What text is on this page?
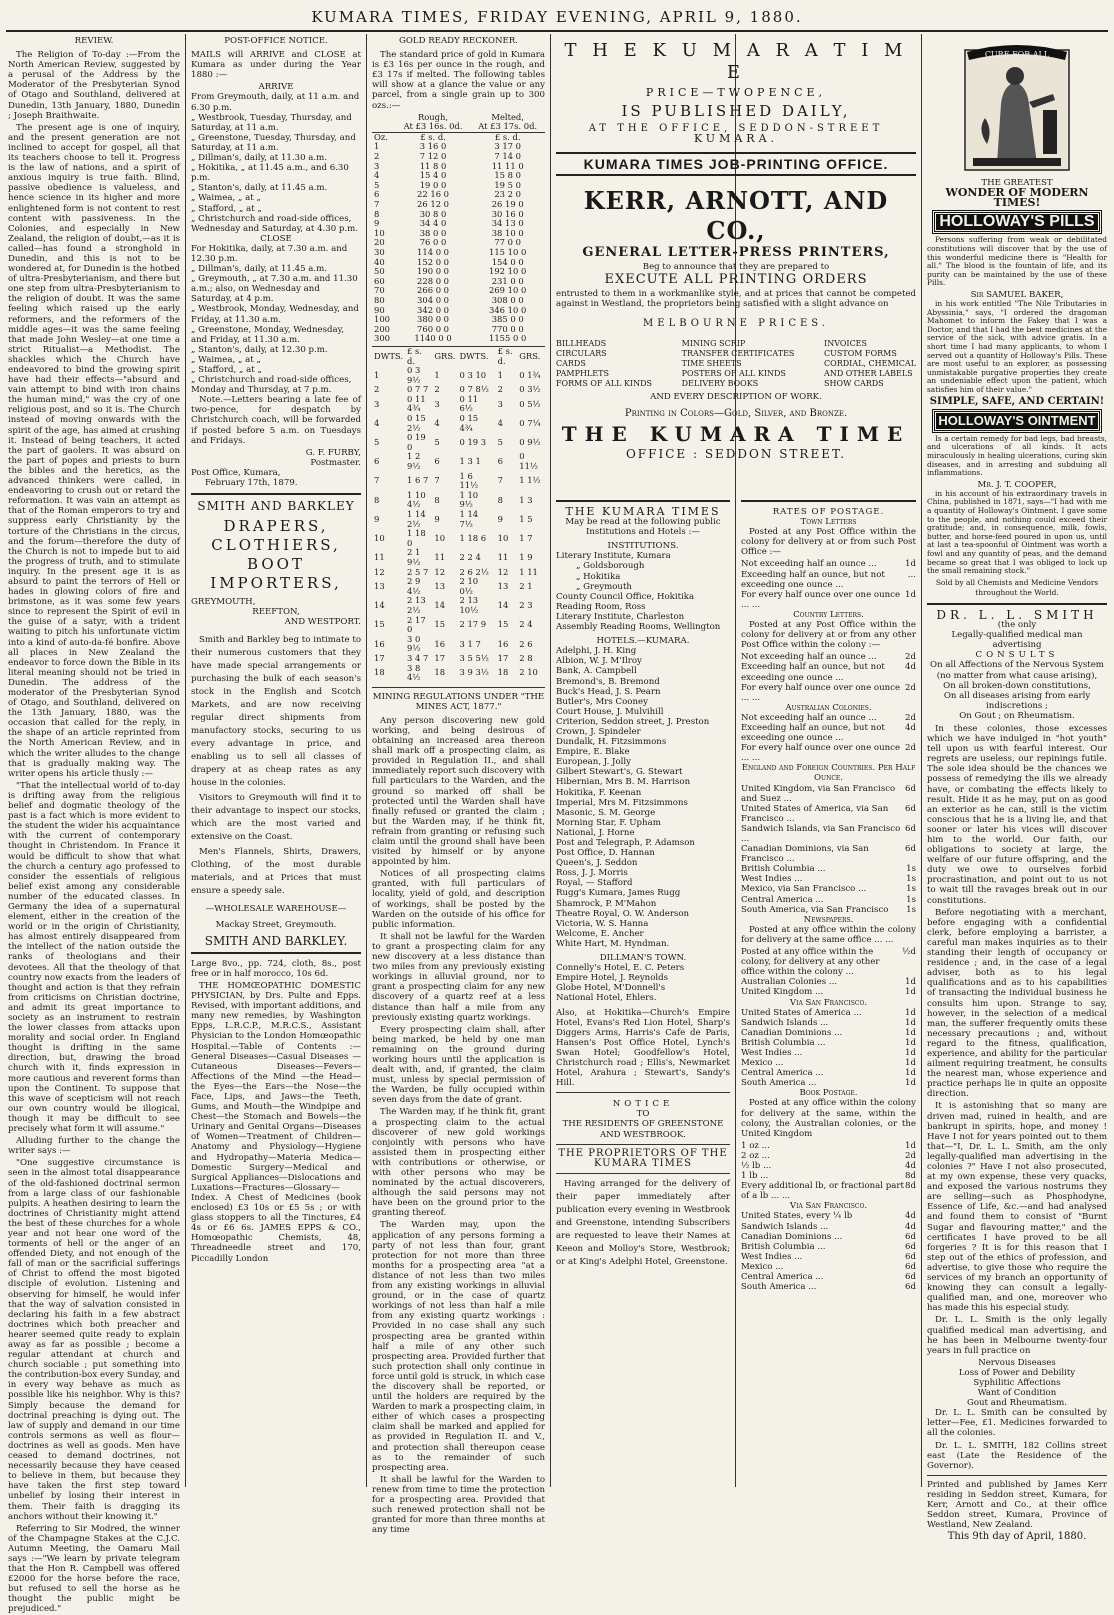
KUMARA TIMES, FRIDAY EVENING, APRIL 9, 1880.
REVIEW.

The Religion of To-day :—From the North American Review, suggested by a perusal of the Address by the Moderator of the Presbyterian Synod of Otago and Southland, delivered at Dunedin, 13th January, 1880, Dunedin ; Joseph Braithwaite.

The present age is one of inquiry, and the present generation are not inclined to accept for gospel, all that its teachers choose to tell it. Progress is the law of nations, and a spirit of anxious inquiry is true faith. Blind, passive obedience is valueless, and hence science in its higher and more enlightened form is not content to rest content with passiveness. In the Colonies, and especially in New Zealand, the religion of doubt,—as it is called—has found a stronghold in Dunedin, and this is not to be wondered at, for Dunedin is the hotbed of ultra-Presbyterianism, and there but one step from ultra-Presbyterianism to the religion of doubt. It was the same feeling which raised up the early reformers, and the reformers of the middle ages—it was the same feeling that made John Wesley—at one time a strict Ritualist—a Methodist. The shackles which the Church have endeavored to bind the growing spirit have had their effects—"absurd and vain attempt to bind with iron chains the human mind," was the cry of one religious post, and so it is. The Church instead of moving onwards with the spirit of the age, has aimed at crushing it. Instead of being teachers, it acted the part of gaolers. It was absurd on the part of popes and priests to burn the bibles and the heretics, as the advanced thinkers were called, in endeavoring to crush out or retard the reformation. It was vain an attempt as that of the Roman emperors to try and suppress early Christianity by the torture of the Christians in the circus, and the forum—therefore the duty of the Church is not to impede but to aid the progress of truth, and to stimulate inquiry. In the present age it is as absurd to paint the terrors of Hell or hades in glowing colors of fire and brimstone, as it was some few years since to represent the Spirit of evil in the guise of a satyr, with a trident waiting to pitch his unfortunate victim into a kind of auto-da-fé bonfire. Above all places in New Zealand the endeavor to force down the Bible in its literal meaning should not be tried in Dunedin. The address of the moderator of the Presbyterian Synod of Otago, and Southland, delivered on the 13th January, 1880, was the occasion that called for the reply, in the shape of an article reprinted from the North American Review, and in which the writer alludes to the change that is gradually making way. The writer opens his article thusly :—

"That the intellectual world of to-day is drifting away from the religious belief and dogmatic theology of the past is a fact which is more evident to the student the wider his acquaintance with the current of contemporary thought in Christendom. In France it would be difficult to show that what the church a century ago professed to consider the essentials of religious belief exist among any considerable number of the educated classes. In Germany the idea of a supernatural element, either in the creation of the world or in the origin of Christianity, has almost entirely disappeared from the intellect of the nation outside the ranks of theologians and their devotees. All that the theology of that country now exacts from the leaders of thought and action is that they refrain from criticisms on Christian doctrine, and admit its great importance to society as an instrument to restrain the lower classes from attacks upon morality and social order. In England thought is drifting in the same direction, but, drawing the broad church with it, finds expression in more cautious and reverent forms than upon the Continent. To suppose that this wave of scepticism will not reach our own country would be illogical, though it may be difficult to see precisely what form it will assume."

Alluding further to the change the writer says :—

"One suggestive circumstance is seen in the almost total disappearance of the old-fashioned doctrinal sermon from a large class of our fashionable pulpits. A heathen desiring to learn the doctrines of Christianity might attend the best of these churches for a whole year and not hear one word of the torments of hell or the anger of an offended Diety, and not enough of the fall of man or the sacrificial sufferings of Christ to offend the most bigoted disciple of evolution. Listening and observing for himself, he would infer that the way of salvation consisted in declaring his faith in a few abstract doctrines which both preacher and hearer seemed quite ready to explain away as far as possible ; become a regular attendant at church and church sociable ; put something into the contribution-box every Sunday, and in every way behave as much as possible like his neighbor. Why is this? Simply because the demand for doctrinal preaching is dying out. The law of supply and demand in our time controls sermons as well as flour—doctrines as well as goods. Men have ceased to demand doctrines, not necessarily because they have ceased to believe in them, but because they have taken the first step toward unbelief by losing their interest in them. Their faith is dragging its anchors without their knowing it."

Referring to Sir Modred, the winner of the Champagne Stakes at the C.J.C. Autumn Meeting, the Oamaru Mail says :—"We learn by private telegram that the Hon R. Campbell was offered £2000 for the horse before the race, but refused to sell the horse as he thought the public might be prejudiced."

POST-OFFICE NOTICE.

MAILS will ARRIVE and CLOSE at Kumara as under during the Year 1880 :—

ARRIVE
From Greymouth, daily, at 11 a.m. and 6.30 p.m.
„ Westbrook, Tuesday, Thursday, and Saturday, at 11 a.m.
„ Greenstone, Tuesday, Thursday, and Saturday, at 11 a.m.
„ Dillman's, daily, at 11.30 a.m.
„ Hokitika, „ at 11.45 a.m., and 6.30 p.m.
„ Stanton's, daily, at 11.45 a.m.
„ Waimea, „ at „
„ Stafford, „ at „
„ Christchurch and road-side offices, Wednesday and Saturday, at 4.30 p.m.
CLOSE
For Hokitika, daily, at 7.30 a.m. and 12.30 p.m.
„ Dillman's, daily, at 11.45 a.m.
„ Greymouth, „ at 7.30 a.m. and 11.30 a.m.; also, on Wednesday and Saturday, at 4 p.m.
„ Westbrook, Monday, Wednesday, and Friday, at 11.30 a.m.
„ Greenstone, Monday, Wednesday, and Friday, at 11.30 a.m.
„ Stanton's, daily, at 12.30 p.m.
„ Waimea, „ at „
„ Stafford, „ at „
„ Christchurch and road-side offices, Monday and Thursday, at 7 p.m.

Note.—Letters bearing a late fee of two-pence, for despatch by Christchurch coach, will be forwarded if posted before 5 a.m. on Tuesdays and Fridays.

G. F. FURBY,
Postmaster.
Post Office, Kumara,
February 17th, 1879.
SMITH AND BARKLEY
DRAPERS,
CLOTHIERS,
BOOT IMPORTERS,
GREYMOUTH,
REEFTON,
AND WESTPORT.

Smith and Barkley beg to intimate to their numerous customers that they have made special arrangements or purchasing the bulk of each season's stock in the English and Scotch Markets, and are now receiving regular direct shipments from manufactory stocks, securing to us every advantage in price, and enabling us to sell all classes of drapery at as cheap rates as any house in the colonies.

Visitors to Greymouth will find it to their advantage to inspect our stocks, which are the most varied and extensive on the Coast.

Men's Flannels, Shirts, Drawers, Clothing, of the most durable materials, and at Prices that must ensure a speedy sale.

—WHOLESALE WAREHOUSE—
Mackay Street, Greymouth.
SMITH AND BARKLEY.

Large 8vo., pp. 724, cloth, 8s., post free or in half morocco, 10s 6d.

THE HOMŒOPATHIC DOMESTIC PHYSICIAN, by Drs. Pulte and Epps. Revised, with important additions, and many new remedies, by Washington Epps, L.R.C.P., M.R.C.S., Assistant Physician to the London Homœopathic Hospital.—Table of Contents :—General Diseases—Casual Diseases — Cutaneous Diseases—Fevers—Affections of the Mind —the Head—the Eyes—the Ears—the Nose—the Face, Lips, and Jaws—the Teeth, Gums, and Mouth—the Windpipe and Chest—the Stomach and Bowels—the Urinary and Genital Organs—Diseases of Women—Treatment of Children—Anatomy and Physiology—Hygiene and Hydropathy—Materia Medica—Domestic Surgery—Medical and Surgical Appliances—Dislocations and Luxations—Fractures—Glossary—Index. A Chest of Medicines (book enclosed) £3 10s or £5 5s ; or with glass stoppers to all the Tinctures, £4 4s or £6 6s. JAMES EPPS & CO., Homœopathic Chemists, 48, Threadneedle street and 170, Piccadilly London

GOLD READY RECKONER.

The standard price of gold in Kumara is £3 16s per ounce in the rough, and £3 17s if melted. The following tables will show at a glance the value or any parcel, from a single grain up to 300 ozs.:—

	Rough,	Melted,
	At £3 16s. 0d.	At £3 17s. 0d.
Oz.	£ s. d.	£ s. d.
1	3 16 0	3 17 0
2	7 12 0	7 14 0
3	11 8 0	11 11 0
4	15 4 0	15 8 0
5	19 0 0	19 5 0
6	22 16 0	23 2 0
7	26 12 0	26 19 0
8	30 8 0	30 16 0
9	34 4 0	34 13 0
10	38 0 0	38 10 0
20	76 0 0	77 0 0
30	114 0 0	115 10 0
40	152 0 0	154 0 0
50	190 0 0	192 10 0
60	228 0 0	231 0 0
70	266 0 0	269 10 0
80	304 0 0	308 0 0
90	342 0 0	346 10 0
100	380 0 0	385 0 0
200	760 0 0	770 0 0
300	1140 0 0	1155 0 0
DWTS.	£ s. d.	GRS.	DWTS.	£ s. d.	GRS.
1	0 3 9½	1	0 3 10	1	0 1¾
2	0 7 7	2	0 7 8½	2	0 3½
3	0 11 4¾	3	0 11 6½	3	0 5½
4	0 15 2½	4	0 15 4¾	4	0 7¼
5	0 19 0	5	0 19 3	5	0 9½
6	1 2 9½	6	1 3 1	6	0 11½
7	1 6 7	7	1 6 11½	7	1 1½
8	1 10 4½	8	1 10 9½	8	1 3
9	1 14 2½	9	1 14 7½	9	1 5
10	1 18 0	10	1 18 6	10	1 7
11	2 1 9½	11	2 2 4	11	1 9
12	2 5 7	12	2 6 2½	12	1 11
13	2 9 4½	13	2 10 0½	13	2 1
14	2 13 2½	14	2 13 10½	14	2 3
15	2 17 0	15	2 17 9	15	2 4
16	3 0 9½	16	3 1 7	16	2 6
17	3 4 7	17	3 5 5½	17	2 8
18	3 8 4½	18	3 9 3½	18	2 10
MINING REGULATIONS UNDER "THE MINES ACT, 1877."

Any person discovering new gold working, and being desirous of obtaining an increased area thereon shall mark off a prospecting claim, as provided in Regulation II., and shall immediately report such discovery with full particulars to the Warden, and the ground so marked off shall be protected until the Warden shall have finally refused or granted the claim ; but the Warden may, if he think fit, refrain from granting or refusing such claim until the ground shall have been visited by himself or by anyone appointed by him.

Notices of all prospecting claims granted, with full particulars of locality, yield of gold, and description of workings, shall be posted by the Warden on the outside of his office for public information.

It shall not be lawful for the Warden to grant a prospecting claim for any new discovery at a less distance than two miles from any previously existing workings in alluvial ground, nor to grant a prospecting claim for any new discovery of a quartz reef at a less distance than half a mile from any previously existing quartz workings.

Every prospecting claim shall, after being marked, be held by one man remaining on the ground during working hours until the application is dealt with, and, if granted, the claim must, unless by special permission of the Warden, be fully occupied within seven days from the date of grant.

The Warden may, if he think fit, grant a prospecting claim to the actual discoverer of new gold workings conjointly with persons who have assisted them in prospecting either with contributions or otherwise, or with other persons who may be nominated by the actual discoverers, although the said persons may not have been on the ground prior to the granting thereof.

The Warden may, upon the application of any persons forming a party of not less than four, grant protection for not more than three months for a prospecting area "at a distance of not less than two miles from any existing workings in alluvial ground, or in the case of quartz workings of not less than half a mile from any existing quartz workings : Provided in no case shall any such prospecting area be granted within half a mile of any other such prospecting area. Provided further that such protection shall only continue in force until gold is struck, in which case the discovery shall be reported, or until the holders are required by the Warden to mark a prospecting claim, in either of which cases a prospecting claim shall be marked and applied for as provided in Regulation II. and V., and protection shall thereupon cease as to the remainder of such prospecting area.

It shall be lawful for the Warden to renew from time to time the protection for a prospecting area. Provided that such renewed protection shall not be granted for more than three months at any time

T H E K U M A R A T I M E
PRICE—TWOPENCE,
IS PUBLISHED DAILY,
AT THE OFFICE, SEDDON-STREET
KUMARA.
KUMARA TIMES JOB-PRINTING OFFICE.
KERR, ARNOTT, AND CO.,
GENERAL LETTER-PRESS PRINTERS,
Beg to announce that they are prepared to
EXECUTE ALL PRINTING ORDERS

entrusted to them in a workmanlike style, and at prices that cannot be competed against in Westland, the proprietors being satisfied with a slight advance on

MELBOURNE PRICES.
BILLHEADS
CIRCULARS
CARDS
PAMPHLETS
FORMS OF ALL KINDS
MINING SCRIP
TRANSFER CERTIFICATES
TIME SHEETS
POSTERS OF ALL KINDS
DELIVERY BOOKS
INVOICES
CUSTOM FORMS
CORDIAL, CHEMICAL
AND OTHER LABELS
SHOW CARDS
AND EVERY DESCRIPTION OF WORK.
Printing in Colors—Gold, Silver, and Bronze.
THE KUMARA TIME
OFFICE : SEDDON STREET.
THE KUMARA TIMES
May be read at the following public Institutions and Hotels :—
INSTITUTIONS.
Literary Institute, Kumara
„ Goldsborough
„ Hokitika
„ Greymouth
County Council Office, Hokitika
Reading Room, Ross
Literary Institute, Charleston
Assembly Reading Rooms, Wellington
HOTELS.—KUMARA.
Adelphi, J. H. King
Albion, W. J. M'Ilroy
Bank, A. Campbell
Bremond's, B. Bremond
Buck's Head, J. S. Pearn
Butler's, Mrs Cooney
Court House, J. Mulvihill
Criterion, Seddon street, J. Preston
Crown, J. Spindeler
Dundalk, H. Fitzsimmons
Empire, E. Blake
European, J. Jolly
Gilbert Stewart's, G. Stewart
Hibernian, Mrs B. M. Harrison
Hokitika, F. Keenan
Imperial, Mrs M. Fitzsimmons
Masonic, S. M. George
Morning Star, F. Upham
National, J. Horne
Post and Telegraph, P. Adamson
Post Office, D. Hannan
Queen's, J. Seddon
Ross, J. J. Morris
Royal, — Stafford
Rugg's Kumara, James Rugg
Shamrock, P. M'Mahon
Theatre Royal, O. W. Anderson
Victoria, W. S. Hanna
Welcome, E. Ancher
White Hart, M. Hyndman.
DILLMAN'S TOWN.
Connelly's Hotel, E. C. Peters
Empire Hotel, J. Reynolds
Globe Hotel, M'Donnell's
National Hotel, Ehlers.

Also, at Hokitika—Church's Empire Hotel, Evans's Red Lion Hotel, Sharp's Diggers Arms, Harris's Cafe de Paris, Hansen's Post Office Hotel, Lynch's Swan Hotel; Goodfellow's Hotel, Christchurch road ; Ellis's, Newmarket Hotel, Arahura ; Stewart's, Sandy's Hill.

NOTICE
TO
THE RESIDENTS OF GREENSTONE AND WESTBROOK.
THE PROPRIETORS OF THE KUMARA TIMES

Having arranged for the delivery of their paper immediately after publication every evening in Westbrook and Greenstone, intending Subscribers are requested to leave their Names at Keeon and Molloy's Store, Westbrook; or at King's Adelphi Hotel, Greenstone.

RATES OF POSTAGE.
Town Letters

Posted at any Post Office within the colony for delivery at or from such Post Office :—

Not exceeding half an ounce ...	1d
Exceeding half an ounce, but not exceeding one ounce ...
...
For every half ounce over one ounce ... ...
1d
Country Letters.

Posted at any Post Office within the colony for delivery at or from any other Post Office within the colony :—

Not exceeding half an ounce ...	2d
Exceeding half an ounce, but not exceeding one ounce ...
4d
For every half ounce over one ounce ... ...
2d
Australian Colonies.
Not exceeding half an ounce ...	2d
Exceeding half an ounce, but not exceeding one ounce ...
4d
For every half ounce over one ounce ... ...
2d
England and Foreign Countries. Per Half Ounce.
United Kingdom, via San Francisco and Suez ...
6d
United States of America, via San Francisco ...
6d
Sandwich Islands, via San Francisco ...
6d
Canadian Dominions, via San Francisco ...
6d
British Columbia ...	1s
West Indies ...	1s
Mexico, via San Francisco ...	1s
Central America ...	1s
South America, via San Francisco 1s
Newspapers.

Posted at any office within the colony for delivery at the same office ... ...

Posted at any office within the colony, for delivery at any other office within the colony ...
½d
Australian Colonies ...	1d
United Kingdom ...	1d
Via San Francisco.
United States of America ...	1d
Sandwich Islands ...	1d
Canadian Dominions ...	1d
British Columbia ...	1d
West Indies ...	1d
Mexico ...	1d
Central America ...	1d
South America ...	1d
Book Postage.

Posted at any office within the colony for delivery at the same, within the colony, the Australian colonies, or the United Kingdom

1 oz ...	1d
2 oz ...	2d
½ lb ...	4d
1 lb ...	8d
Every additional lb, or fractional part of a lb ... ...
8d
Via San Francisco.
United States, every ¼ lb	4d
Sandwich Islands ...	4d
Canadian Dominions ...	6d
British Columbia ...	6d
West Indies ...	6d
Mexico ...	6d
Central America ...	6d
South America ...	6d
CURE FOR ALL
THE GREATEST
WONDER OF MODERN TIMES!
HOLLOWAY'S PILLS

Persons suffering from weak or debilitated constitutions will discover that by the use of this wonderful medicine there is "Health for all." The blood is the fountain of life, and its purity can be maintained by the use of these Pills.

Sir SAMUEL BAKER,

in his work entitled "The Nile Tributaries in Abyssinia," says, "I ordered the dragoman Mahomet to inform the Fakey that I was a Doctor, and that I had the best medicines at the service of the sick, with advice gratis. In a short time I had many applicants, to whom I served out a quantity of Holloway's Pills. These are most useful to an explorer, as possessing unmistakable purgative properties they create an undeniable effect upon the patient, which satisfies him of their value."

SIMPLE, SAFE, AND CERTAIN!
HOLLOWAY'S OINTMENT

Is a certain remedy for bad legs, bad breasts, and ulcerations of all kinds. It acts miraculously in healing ulcerations, curing skin diseases, and in arresting and subduing all inflammations.

Mr. J. T. COOPER,

in his account of his extraordinary travels in China, published in 1871, says—"I had with me a quantity of Holloway's Ointment. I gave some to the people, and nothing could exceed their gratitude; and, in consequence, milk, fowls, butter, and horse-feed poured in upon us, until at last a tea-spoonful of Ointment was worth a fowl and any quantity of peas, and the demand became so great that I was obliged to lock up the small remaining stock."

Sold by all Chemists and Medicine Vendors throughout the World.
DR. L. L. SMITH
(the only
Legally-qualified medical man advertising
CONSULTS
On all Affections of the Nervous System
(no matter from what cause arising),
On all broken-down constitutions,
On all diseases arising from early indiscretions ;
On Gout ; on Rheumatism.

In these colonies, those excesses which we have indulged in "hot youth" tell upon us with fearful interest. Our regrets are useless, our repinings futile. The sole idea should be the chances we possess of remedying the ills we already have, or combating the effects likely to result. Hide it as he may, put on as good an exterior as he can, still is the victim conscious that he is a living lie, and that sooner or later his vices will discover him to the world. Our faith, our obligations to society at large, the welfare of our future offspring, and the duty we owe to ourselves forbid procrastination, and point out to us not to wait till the ravages break out in our constitutions.

Before negotiating with a merchant, before engaging with a confidential clerk, before employing a barrister, a careful man makes inquiries as to their standing their length of occupancy or residence ; and, in the case of a legal adviser, both as to his legal qualifications and as to his capabilities of transacting the individual business he consults him upon. Strange to say, however, in the selection of a medical man, the sufferer frequently omits these necessary precautions ; and, without regard to the fitness, qualification, experience, and ability for the particular ailment requiring treatment, he consults the nearest man, whose experience and practice perhaps lie in quite an opposite direction.

It is astonishing that so many are driven mad, ruined in health, and are bankrupt in spirits, hope, and money ! Have I not for years pointed out to them that—"I, Dr. L. L. Smith, am the only legally-qualified man advertising in the colonies ?" Have I not also prosecuted, at my own expense, these very quacks, and exposed the various nostrums they are selling—such as Phosphodyne, Essence of Life, &c.—and had analysed and found them to consist of "Burnt Sugar and flavouring matter," and the certificates I have proved to be all forgeries ? It is for this reason that I step out of the ethics of profession, and advertise, to give those who require the services of my branch an opportunity of knowing they can consult a legally-qualified man, and one, moreover who has made this his especial study.

Dr. L. L. Smith is the only legally qualified medical man advertising, and he has been in Melbourne twenty-four years in full practice on

Nervous Diseases
Loss of Power and Debility
Syphilitic Affections
Want of Condition
Gout and Rheumatism.

Dr. L. L. Smith can be consulted by letter—Fee, £1. Medicines forwarded to all the colonies.

Dr. L. L. SMITH, 182 Collins street east (Late the Residence of the Governor).

Printed and published by James Kerr residing in Seddon street, Kumara, for Kerr, Arnott and Co., at their office Seddon street, Kumara, Province of Westland, New Zealand.

This 9th day of April, 1880.
